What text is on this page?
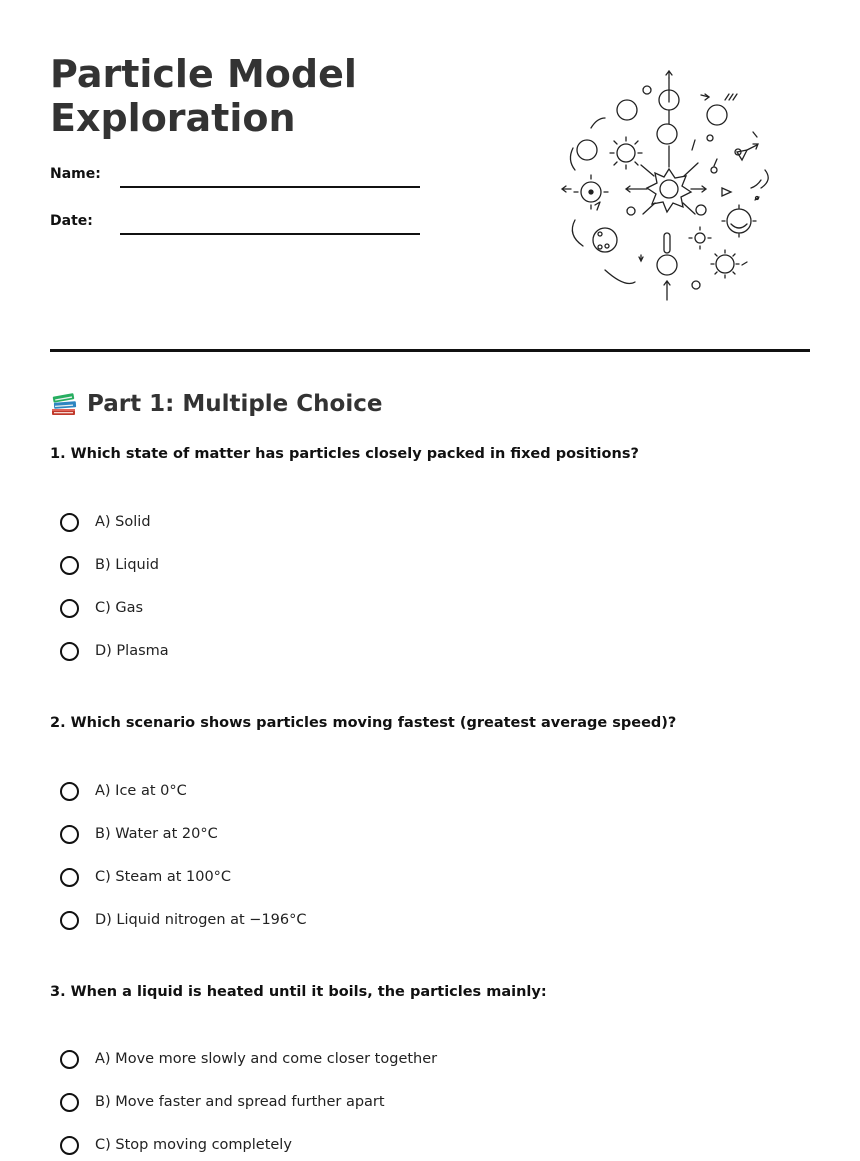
Particle Model
Exploration
Name:
Date:
Part 1: Multiple Choice

1. Which state of matter has particles closely packed in fixed positions?

A) Solid
B) Liquid
C) Gas
D) Plasma

2. Which scenario shows particles moving fastest (greatest average speed)?

A) Ice at 0°C
B) Water at 20°C
C) Steam at 100°C
D) Liquid nitrogen at −196°C

3. When a liquid is heated until it boils, the particles mainly:

A) Move more slowly and come closer together
B) Move faster and spread further apart
C) Stop moving completely
